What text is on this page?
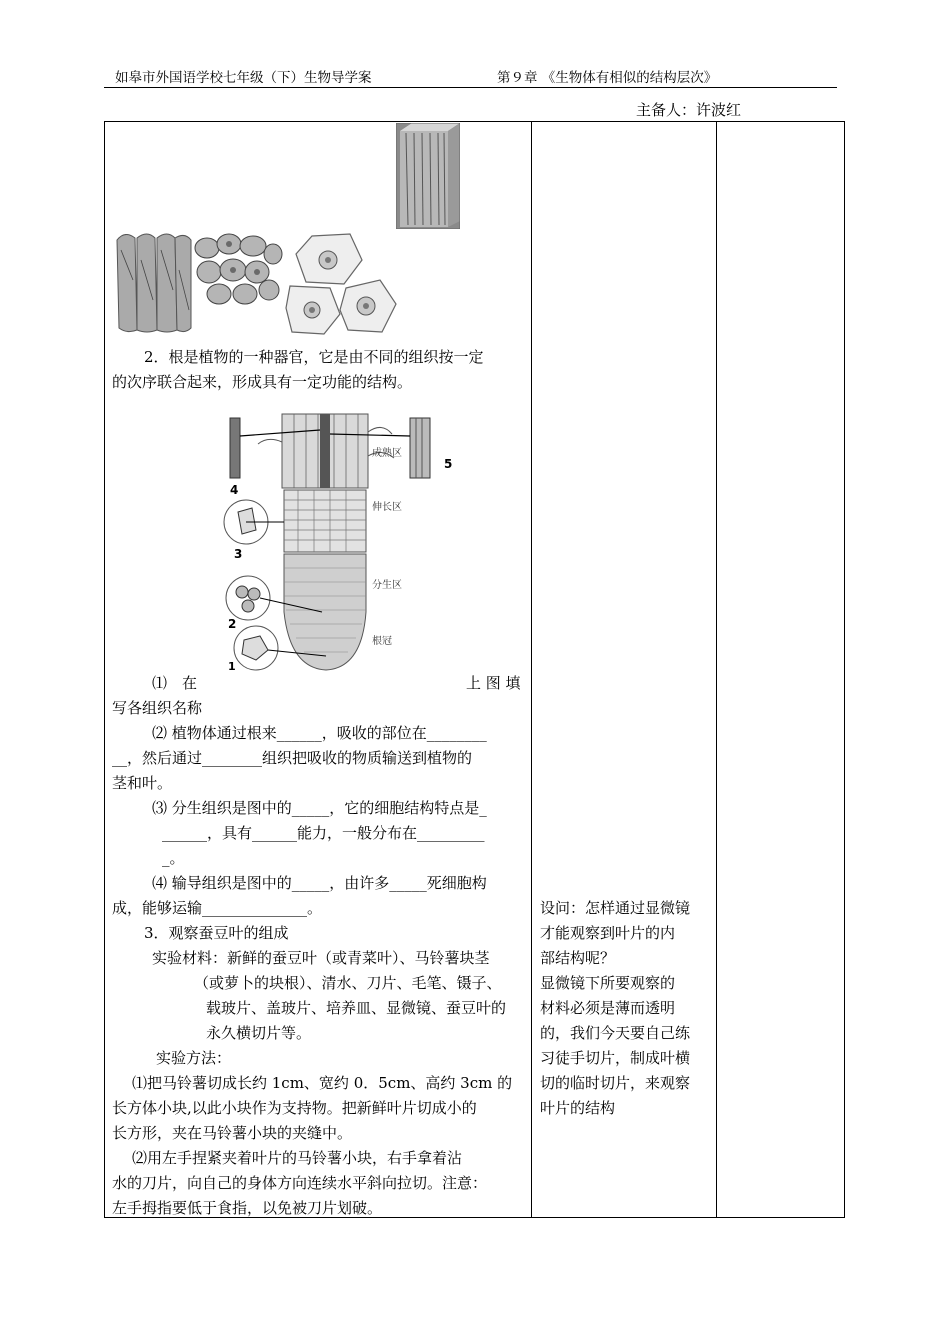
如皋市外国语学校七年级（下）生物导学案	第９章 《生物体有相似的结构层次》
主备人：许波红
2．根是植物的一种器官，它是由不同的组织按一定
的次序联合起来，形成具有一定功能的结构。
成熟区
伸长区
分生区
根冠
1
2
3
4
5
⑴　在	上 图 填
写各组织名称
⑵ 植物体通过根来______，吸收的部位在________
__，然后通过________组织把吸收的物质输送到植物的
茎和叶。
⑶ 分生组织是图中的_____，它的细胞结构特点是_
______，具有______能力，一般分布在_________
_。
⑷ 输导组织是图中的_____，由许多_____死细胞构
成，能够运输______________。
3．观察蚕豆叶的组成
实验材料：新鲜的蚕豆叶（或青菜叶）、马铃薯块茎
（或萝卜的块根）、清水、刀片、毛笔、镊子、
载玻片、盖玻片、培养皿、显微镜、蚕豆叶的
永久横切片等。
实验方法：
⑴把马铃薯切成长约 1cm、宽约 0．5cm、高约 3cm 的
长方体小块,以此小块作为支持物。把新鲜叶片切成小的
长方形，夹在马铃薯小块的夹缝中。
⑵用左手捏紧夹着叶片的马铃薯小块，右手拿着沾
水的刀片，向自己的身体方向连续水平斜向拉切。注意：
左手拇指要低于食指，以免被刀片划破。
设问：怎样通过显微镜
才能观察到叶片的内
部结构呢？
显微镜下所要观察的
材料必须是薄而透明
的，我们今天要自己练
习徒手切片，制成叶横
切的临时切片，来观察
叶片的结构
